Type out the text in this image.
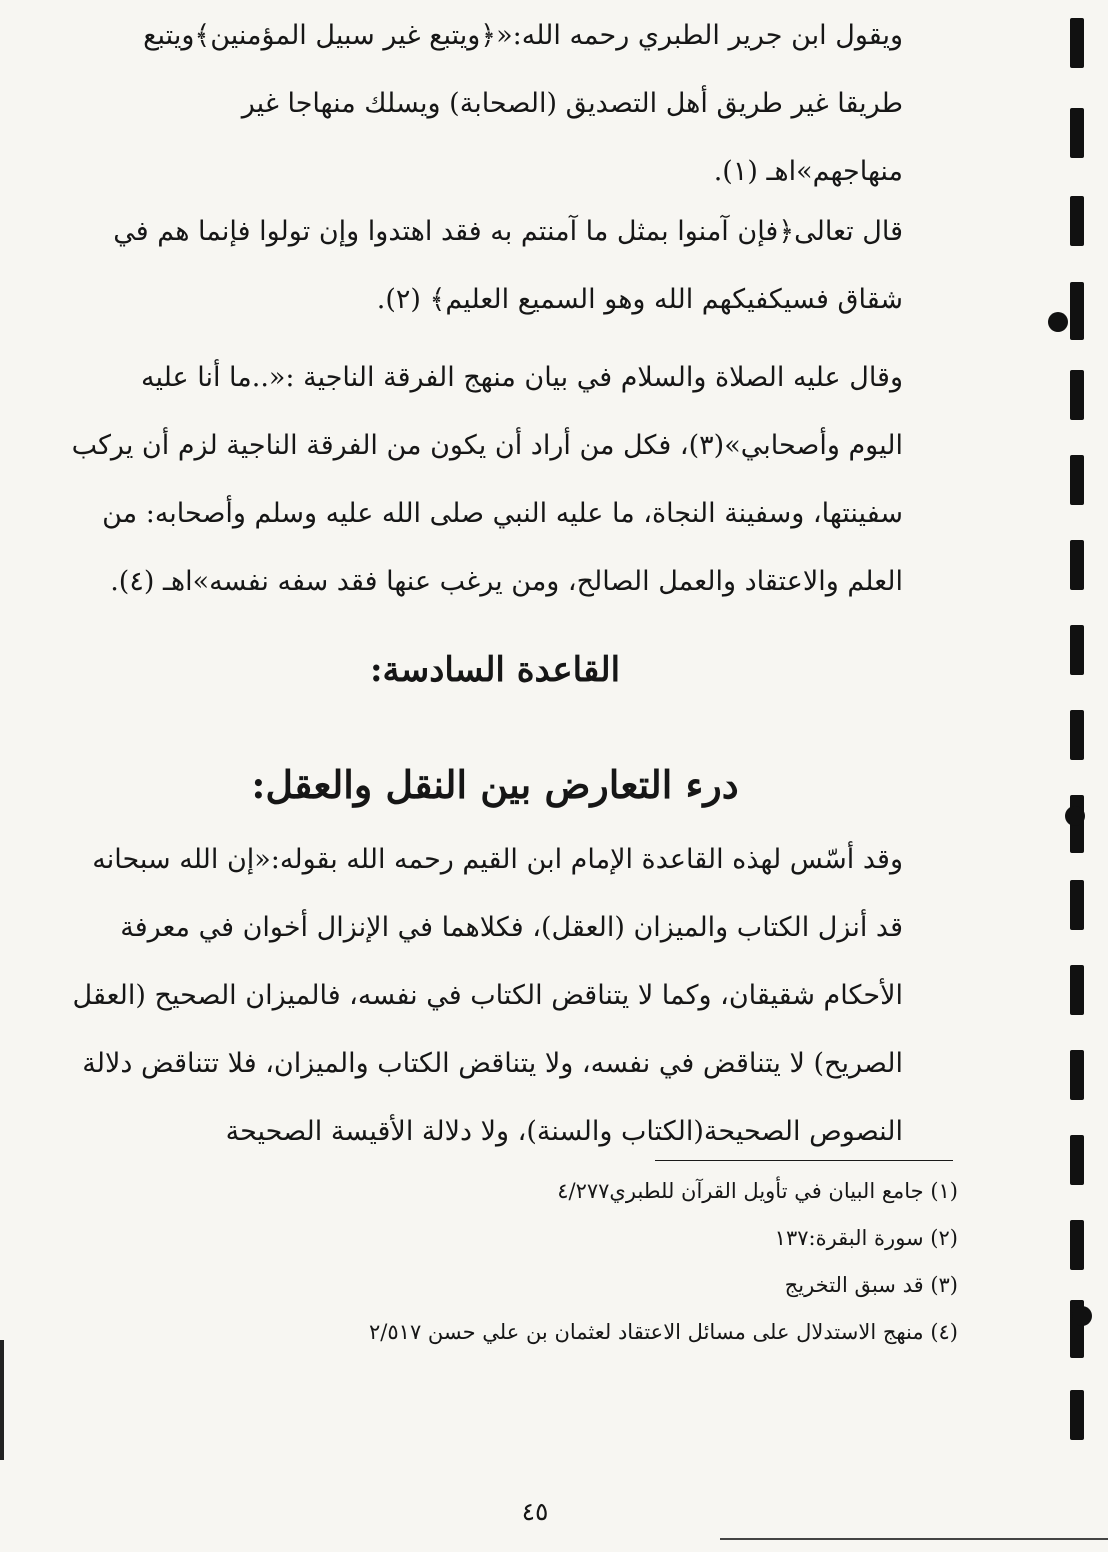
ويقول ابن جرير الطبري رحمه الله:«﴿ويتبع غير سبيل المؤمنين﴾ويتبع
طريقا غير طريق أهل التصديق (الصحابة) ويسلك منهاجا غير
منهاجهم»اهـ (١).
قال تعالى﴿فإن آمنوا بمثل ما آمنتم به فقد اهتدوا وإن تولوا فإنما هم في
شقاق فسيكفيكهم الله وهو السميع العليم﴾ (٢).
وقال عليه الصلاة والسلام في بيان منهج الفرقة الناجية :«..ما أنا عليه
اليوم وأصحابي»(٣)، فكل من أراد أن يكون من الفرقة الناجية لزم أن يركب
سفينتها، وسفينة النجاة، ما عليه النبي صلى الله عليه وسلم وأصحابه: من
العلم والاعتقاد والعمل الصالح، ومن يرغب عنها فقد سفه نفسه»اهـ (٤).
القاعدة السادسة:
درء التعارض بين النقل والعقل:
وقد أسّس لهذه القاعدة الإمام ابن القيم رحمه الله بقوله:«إن الله سبحانه
قد أنزل الكتاب والميزان (العقل)، فكلاهما في الإنزال أخوان في معرفة
الأحكام شقيقان، وكما لا يتناقض الكتاب في نفسه، فالميزان الصحيح (العقل
الصريح) لا يتناقض في نفسه، ولا يتناقض الكتاب والميزان، فلا تتناقض دلالة
النصوص الصحيحة(الكتاب والسنة)، ولا دلالة الأقيسة الصحيحة
(١) جامع البيان في تأويل القرآن للطبري٤/٢٧٧
(٢) سورة البقرة:١٣٧
(٣) قد سبق التخريج
(٤) منهج الاستدلال على مسائل الاعتقاد لعثمان بن علي حسن ٢/٥١٧
٤٥
